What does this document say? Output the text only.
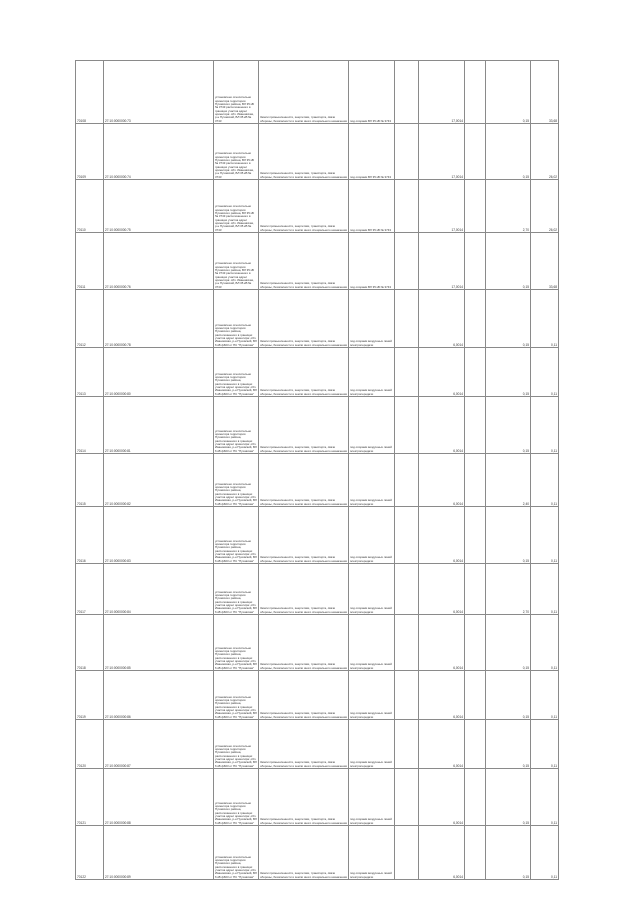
70108	27:10:0000000:73	установлено относительно ориентира территория Пуховского района, ВЛ 35 кВ № 3743 расположенного в границах участка адрес ориентира: обл. Ивановская, р-н Пуховский, ВЛ 35 кВ № 3743	Земли промышленности, энергетики, транспорта, связи обороны, безопасности и земли иного специального назначения	под опорами ВЛ 35 кВ № 3743		17,0014		0,15	33,68
70109	27:10:0000000:74	установлено относительно ориентира территория Пуховского района, ВЛ 35 кВ № 3743 расположенного в границах участка адрес ориентира: обл. Ивановская, р-н Пуховский, ВЛ 35 кВ № 3743	Земли промышленности, энергетики, транспорта, связи обороны, безопасности и земли иного специального назначения	под опорами ВЛ 35 кВ № 3743		17,0014		0,15	26,02
70110	27:10:0000000:75	установлено относительно ориентира территория Пуховского района, ВЛ 35 кВ № 3743 расположенного в границах участка адрес ориентира: обл. Ивановская, р-н Пуховский, ВЛ 35 кВ № 3743	Земли промышленности, энергетики, транспорта, связи обороны, безопасности и земли иного специального назначения	под опорами ВЛ 35 кВ № 3743		17,0014		2,70	26,02
70111	27:10:0000000:76	установлено относительно ориентира территория Пуховского района, ВЛ 35 кВ № 3743 расположенного в границах участка адрес ориентира: обл. Ивановская, р-н Пуховский, ВЛ 35 кВ № 3743	Земли промышленности, энергетики, транспорта, связи обороны, безопасности и земли иного специального назначения	под опорами ВЛ 35 кВ № 3743		17,0014		0,15	33,68
70112	27:10:0000000:78	установлено относительно ориентира территория Пуховского района, расположенного в границах участка адрес ориентира: обл. Ивановская, р-н Пуховский, ВЛ 6 кВ ф603 от ПС "Пуховская"	Земли промышленности, энергетики, транспорта, связи обороны, безопасности и земли иного специального назначения	под опорами воздушных линий электропередачи		6,0014		0,15	0,11
70113	27:10:0000000:80	установлено относительно ориентира территория Пуховского района, расположенного в границах участка адрес ориентира: обл. Ивановская, р-н Пуховский, ВЛ 6 кВ ф603 от ПС "Пуховская"	Земли промышленности, энергетики, транспорта, связи обороны, безопасности и земли иного специального назначения	под опорами воздушных линий электропередачи		6,0014		0,15	0,11
70114	27:10:0000000:81	установлено относительно ориентира территория Пуховского района, расположенного в границах участка адрес ориентира: обл. Ивановская, р-н Пуховский, ВЛ 6 кВ ф603 от ПС "Пуховская"	Земли промышленности, энергетики, транспорта, связи обороны, безопасности и земли иного специального назначения	под опорами воздушных линий электропередачи		6,0014		0,15	0,11
70115	27:10:0000000:82	установлено относительно ориентира территория Пуховского района, расположенного в границах участка адрес ориентира: обл. Ивановская, р-н Пуховский, ВЛ 6 кВ ф603 от ПС "Пуховская"	Земли промышленности, энергетики, транспорта, связи обороны, безопасности и земли иного специального назначения	под опорами воздушных линий электропередачи		6,0014		2,40	0,11
70116	27:10:0000000:83	установлено относительно ориентира территория Пуховского района, расположенного в границах участка адрес ориентира: обл. Ивановская, р-н Пуховский, ВЛ 6 кВ ф603 от ПС "Пуховская"	Земли промышленности, энергетики, транспорта, связи обороны, безопасности и земли иного специального назначения	под опорами воздушных линий электропередачи		6,0014		0,15	0,11
70117	27:10:0000000:84	установлено относительно ориентира территория Пуховского района, расположенного в границах участка адрес ориентира: обл. Ивановская, р-н Пуховский, ВЛ 6 кВ ф603 от ПС "Пуховская"	Земли промышленности, энергетики, транспорта, связи обороны, безопасности и земли иного специального назначения	под опорами воздушных линий электропередачи		6,0014		2,70	0,11
70118	27:10:0000000:85	установлено относительно ориентира территория Пуховского района, расположенного в границах участка адрес ориентира: обл. Ивановская, р-н Пуховский, ВЛ 6 кВ ф603 от ПС "Пуховская"	Земли промышленности, энергетики, транспорта, связи обороны, безопасности и земли иного специального назначения	под опорами воздушных линий электропередачи		6,0014		0,15	0,11
70119	27:10:0000000:86	установлено относительно ориентира территория Пуховского района, расположенного в границах участка адрес ориентира: обл. Ивановская, р-н Пуховский, ВЛ 6 кВ ф603 от ПС "Пуховская"	Земли промышленности, энергетики, транспорта, связи обороны, безопасности и земли иного специального назначения	под опорами воздушных линий электропередачи		6,0014		0,15	0,11
70120	27:10:0000000:87	установлено относительно ориентира территория Пуховского района, расположенного в границах участка адрес ориентира: обл. Ивановская, р-н Пуховский, ВЛ 6 кВ ф603 от ПС "Пуховская"	Земли промышленности, энергетики, транспорта, связи обороны, безопасности и земли иного специального назначения	под опорами воздушных линий электропередачи		6,0014		0,15	0,11
70121	27:10:0000000:88	установлено относительно ориентира территория Пуховского района, расположенного в границах участка адрес ориентира: обл. Ивановская, р-н Пуховский, ВЛ 6 кВ ф603 от ПС "Пуховская"	Земли промышленности, энергетики, транспорта, связи обороны, безопасности и земли иного специального назначения	под опорами воздушных линий электропередачи		6,0014		0,15	0,11
70122	27:10:0000000:89	установлено относительно ориентира территория Пуховского района, расположенного в границах участка адрес ориентира: обл. Ивановская, р-н Пуховский, ВЛ 6 кВ ф603 от ПС "Пуховская"	Земли промышленности, энергетики, транспорта, связи обороны, безопасности и земли иного специального назначения	под опорами воздушных линий электропередачи		6,0014		0,15	0,11
